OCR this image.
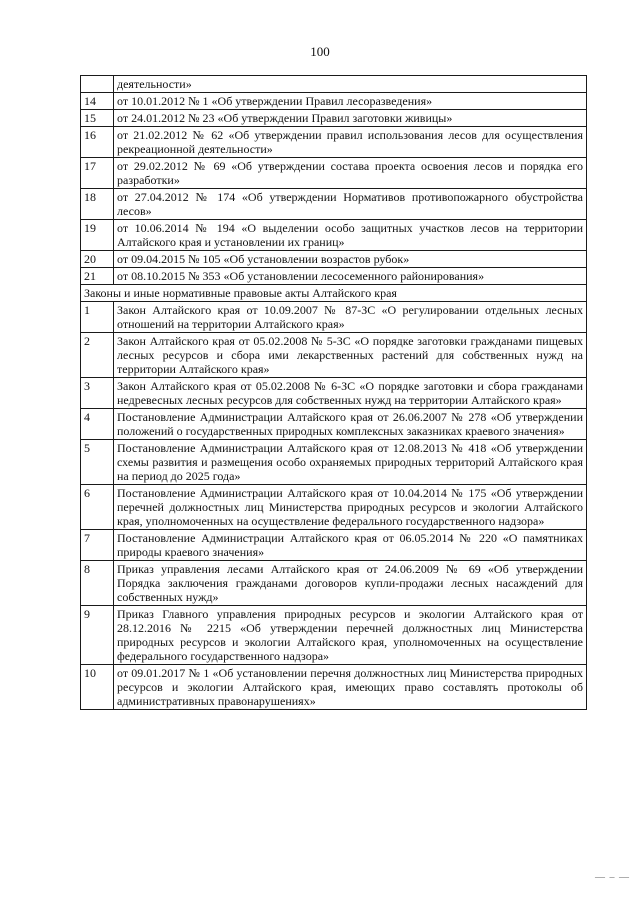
100
	деятельности»
14	от 10.01.2012 № 1 «Об утверждении Правил лесоразведения»
15	от 24.01.2012 № 23 «Об утверждении Правил заготовки живицы»
16	от 21.02.2012 № 62 «Об утверждении правил использования лесов для осуществления рекреационной деятельности»
17	от 29.02.2012 № 69 «Об утверждении состава проекта освоения лесов и порядка его разработки»
18	от 27.04.2012 № 174 «Об утверждении Нормативов противопожарного обустройства лесов»
19	от 10.06.2014 № 194 «О выделении особо защитных участков лесов на территории Алтайского края и установлении их границ»
20	от 09.04.2015 № 105 «Об установлении возрастов рубок»
21	от 08.10.2015 № 353 «Об установлении лесосеменного районирования»
Законы и иные нормативные правовые акты Алтайского края	
1	Закон Алтайского края от 10.09.2007 № 87-ЗС «О регулировании отдельных лесных отношений на территории Алтайского края»
2	Закон Алтайского края от 05.02.2008 № 5-ЗС «О порядке заготовки гражданами пищевых лесных ресурсов и сбора ими лекарственных растений для собственных нужд на территории Алтайского края»
3	Закон Алтайского края от 05.02.2008 № 6-ЗС «О порядке заготовки и сбора гражданами недревесных лесных ресурсов для собственных нужд на территории Алтайского края»
4	Постановление Администрации Алтайского края от 26.06.2007 № 278 «Об утверждении положений о государственных природных комплексных заказниках краевого значения»
5	Постановление Администрации Алтайского края от 12.08.2013 № 418 «Об утверждении схемы развития и размещения особо охраняемых природных территорий Алтайского края на период до 2025 года»
6	Постановление Администрации Алтайского края от 10.04.2014 № 175 «Об утверждении перечней должностных лиц Министерства природных ресурсов и экологии Алтайского края, уполномоченных на осуществление федерального государственного надзора»
7	Постановление Администрации Алтайского края от 06.05.2014 № 220 «О памятниках природы краевого значения»
8	Приказ управления лесами Алтайского края от 24.06.2009 № 69 «Об утверждении Порядка заключения гражданами договоров купли-продажи лесных насаждений для собственных нужд»
9	Приказ Главного управления природных ресурсов и экологии Алтайского края от 28.12.2016 № 2215 «Об утверждении перечней должностных лиц Министерства природных ресурсов и экологии Алтайского края, уполномоченных на осуществление федерального государственного надзора»
10	от 09.01.2017 № 1 «Об установлении перечня должностных лиц Министерства природных ресурсов и экологии Алтайского края, имеющих право составлять протоколы об административных правонарушениях»
— ‒ —
